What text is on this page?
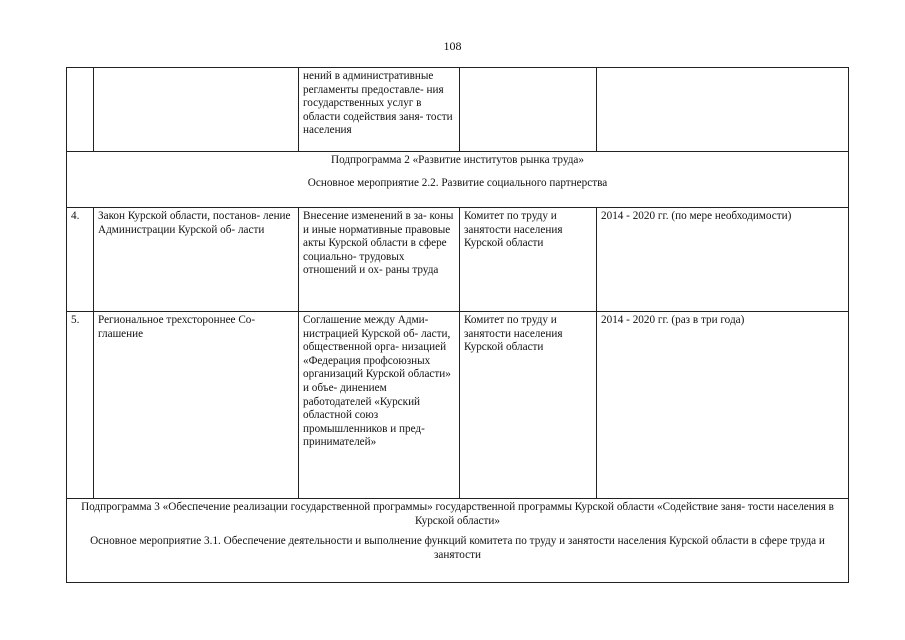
108
		нений в административные регламенты предоставле- ния государственных услуг в области содействия заня- тости населения		

Подпрограмма 2 «Развитие институтов рынка труда»
Основное мероприятие 2.2. Развитие социального партнерства				

4.	Закон Курской области, постанов- ление Администрации Курской об- ласти	Внесение изменений в за- коны и иные нормативные правовые акты Курской области в сфере социально- трудовых отношений и ох- раны труда	Комитет по труду и занятости населения Курской области	2014 - 2020 гг. (по мере необходимости)
5.	Региональное трехстороннее Со- глашение	Соглашение между Адми- нистрацией Курской об- ласти, общественной орга- низацией «Федерация профсоюзных организаций Курской области» и объе- динением работодателей «Курский областной союз промышленников и пред- принимателей»	Комитет по труду и занятости населения Курской области	2014 - 2020 гг. (раз в три года)

Подпрограмма 3 «Обеспечение реализации государственной программы» государственной программы Курской области «Содействие заня- тости населения в Курской области»
Основное мероприятие 3.1. Обеспечение деятельности и выполнение функций комитета по труду и занятости населения Курской области в сфере труда и занятости				
